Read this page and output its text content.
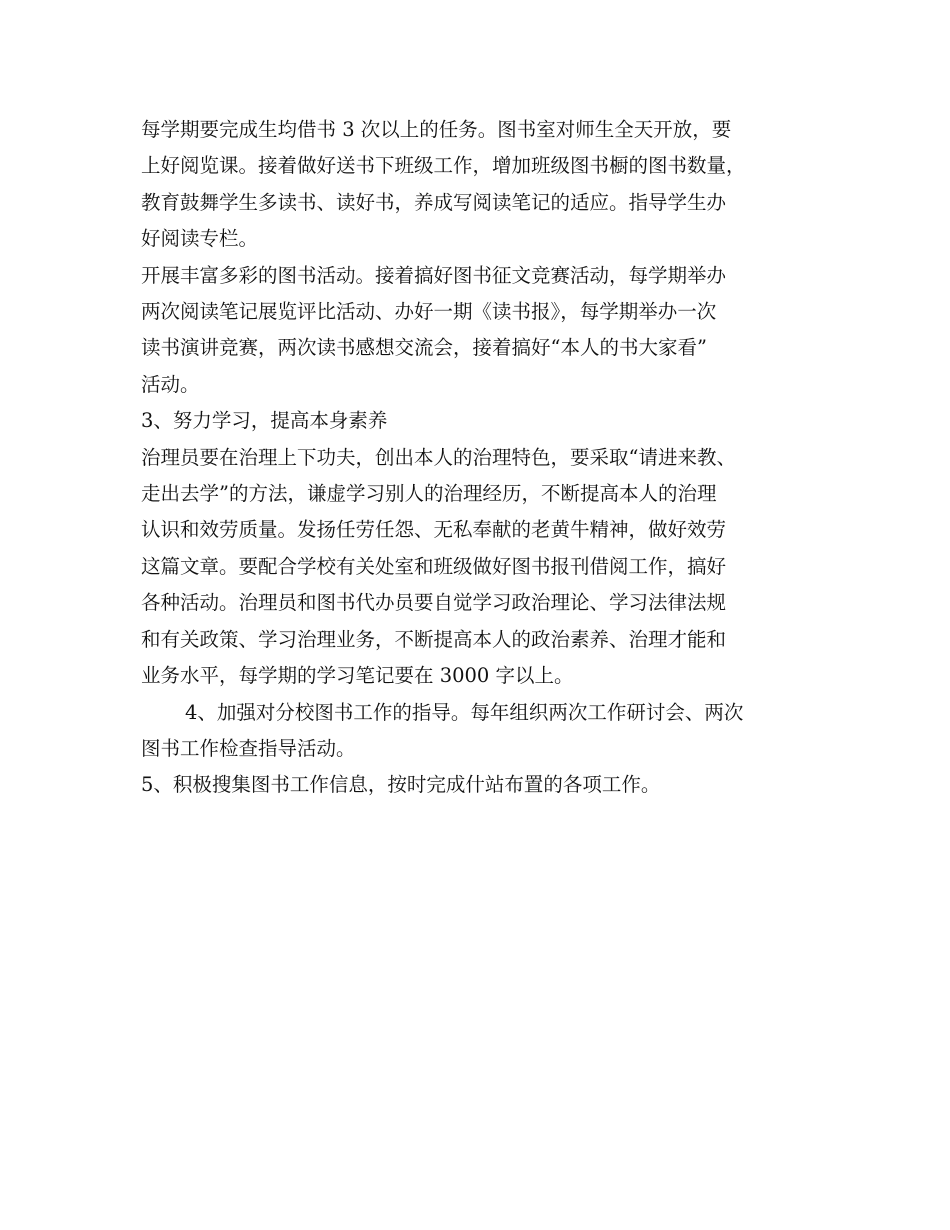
每学期要完成生均借书 3 次以上的任务。图书室对师生全天开放，要
上好阅览课。接着做好送书下班级工作，增加班级图书橱的图书数量，
教育鼓舞学生多读书、读好书，养成写阅读笔记的适应。指导学生办
好阅读专栏。

开展丰富多彩的图书活动。接着搞好图书征文竞赛活动，每学期举办
两次阅读笔记展览评比活动、办好一期《读书报》，每学期举办一次
读书演讲竞赛，两次读书感想交流会，接着搞好“本人的书大家看”
活动。

3、努力学习，提高本身素养

治理员要在治理上下功夫，创出本人的治理特色，要采取“请进来教、
走出去学”的方法，谦虚学习别人的治理经历，不断提高本人的治理
认识和效劳质量。发扬任劳任怨、无私奉献的老黄牛精神，做好效劳
这篇文章。要配合学校有关处室和班级做好图书报刊借阅工作，搞好
各种活动。治理员和图书代办员要自觉学习政治理论、学习法律法规
和有关政策、学习治理业务，不断提高本人的政治素养、治理才能和
业务水平，每学期的学习笔记要在 3000 字以上。

4、加强对分校图书工作的指导。每年组织两次工作研讨会、两次
图书工作检查指导活动。

5、积极搜集图书工作信息，按时完成什站布置的各项工作。
